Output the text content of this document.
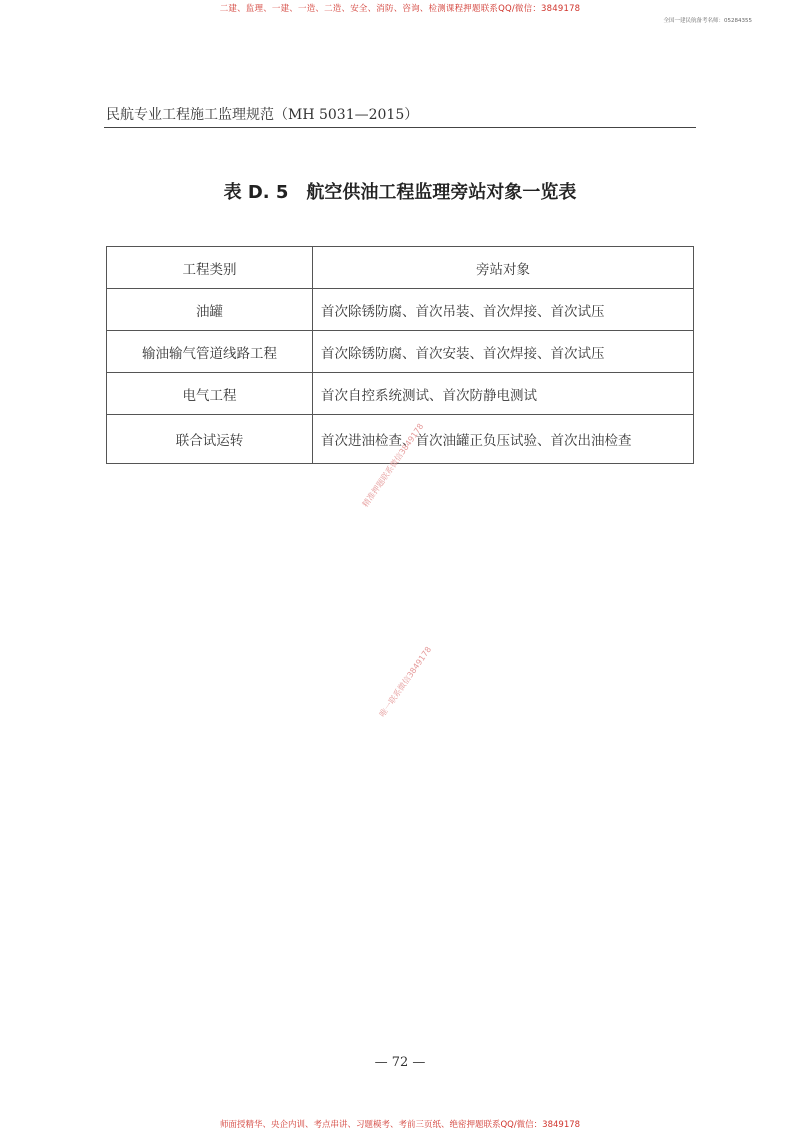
二建、监理、一建、一造、二造、安全、消防、咨询、检测课程押题联系QQ/微信：3849178
全国一建民航备考名师：05284355
民航专业工程施工监理规范（MH 5031—2015）
表 D. 5 航空供油工程监理旁站对象一览表
工程类别	旁站对象
油罐	首次除锈防腐、首次吊装、首次焊接、首次试压
输油输气管道线路工程	首次除锈防腐、首次安装、首次焊接、首次试压
电气工程	首次自控系统测试、首次防静电测试
联合试运转	首次进油检查、首次油罐正负压试验、首次出油检查
精准押题联系微信3849178
唯一联系微信3849178
— 72 —
师面授精华、央企内训、考点串讲、习题模考、考前三页纸、绝密押题联系QQ/微信：3849178
